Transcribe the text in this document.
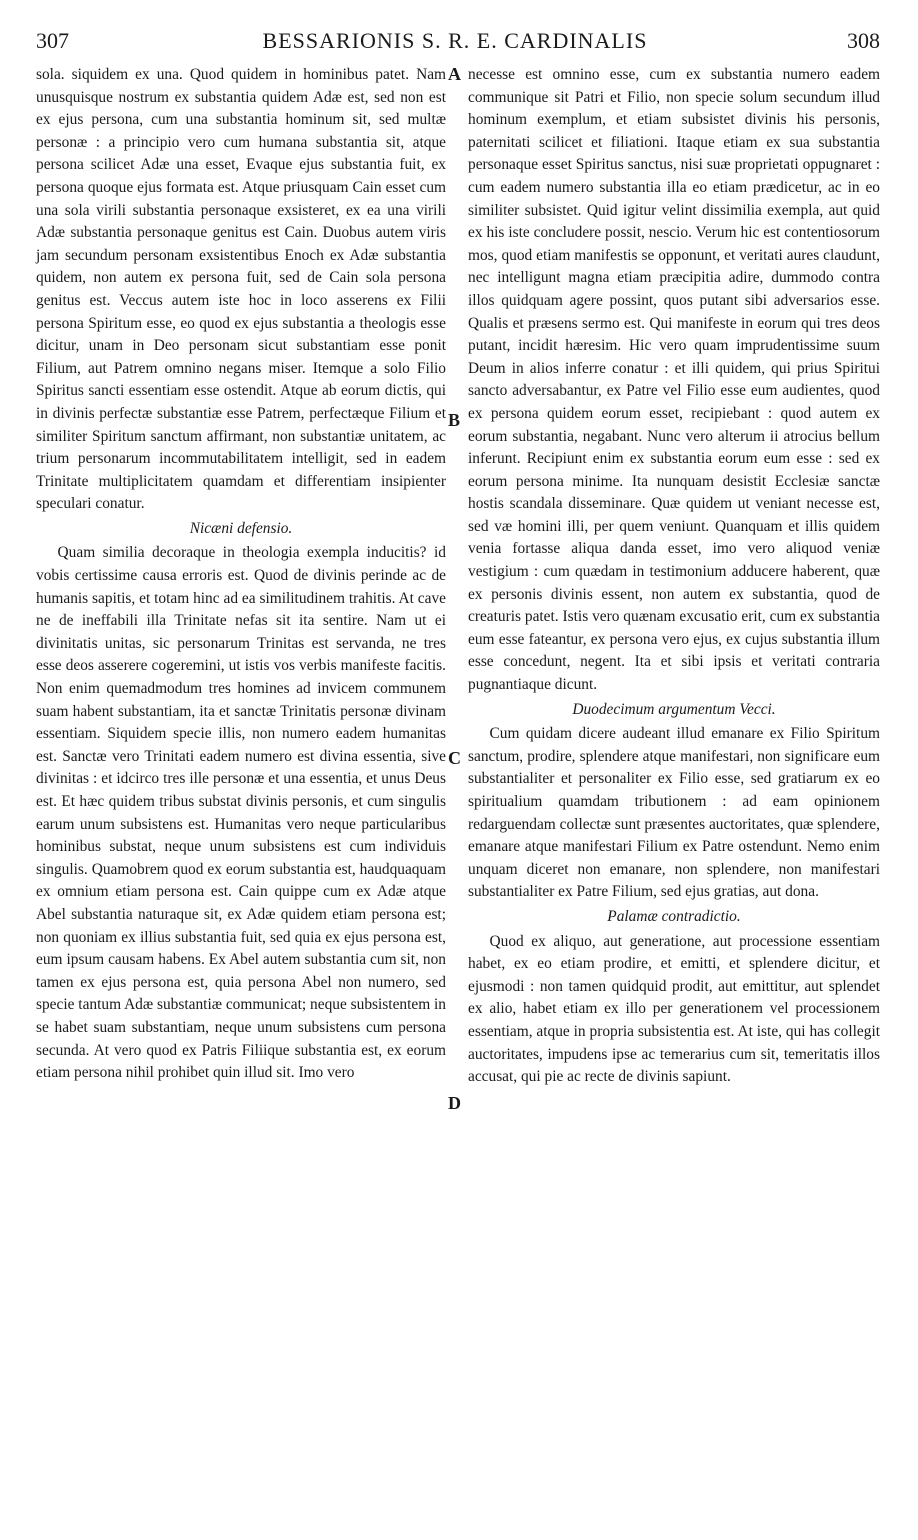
307	BESSARIONIS S. R. E. CARDINALIS	308
A
B
C
D

sola. siquidem ex una. Quod quidem in hominibus patet. Nam unusquisque nostrum ex substantia quidem Adæ est, sed non est ex ejus persona, cum una substantia hominum sit, sed multæ personæ : a principio vero cum humana substantia sit, atque persona scilicet Adæ una esset, Evaque ejus substantia fuit, ex persona quoque ejus formata est. Atque priusquam Cain esset cum una sola virili substantia personaque exsisteret, ex ea una virili Adæ substantia personaque genitus est Cain. Duobus autem viris jam secundum personam exsistentibus Enoch ex Adæ substantia quidem, non autem ex persona fuit, sed de Cain sola persona genitus est. Veccus autem iste hoc in loco asserens ex Filii persona Spiritum esse, eo quod ex ejus substantia a theologis esse dicitur, unam in Deo personam sicut substantiam esse ponit Filium, aut Patrem omnino negans miser. Itemque a solo Filio Spiritus sancti essentiam esse ostendit. Atque ab eorum dictis, qui in divinis perfectæ substantiæ esse Patrem, perfectæque Filium et similiter Spiritum sanctum affirmant, non substantiæ unitatem, ac trium personarum incommutabilitatem intelligit, sed in eadem Trinitate multiplicitatem quamdam et differentiam insipienter speculari conatur.

Nicæni defensio.

Quam similia decoraque in theologia exempla inducitis? id vobis certissime causa erroris est. Quod de divinis perinde ac de humanis sapitis, et totam hinc ad ea similitudinem trahitis. At cave ne de ineffabili illa Trinitate nefas sit ita sentire. Nam ut ei divinitatis unitas, sic personarum Trinitas est servanda, ne tres esse deos asserere cogeremini, ut istis vos verbis manifeste facitis. Non enim quemadmodum tres homines ad invicem communem suam habent substantiam, ita et sanctæ Trinitatis personæ divinam essentiam. Siquidem specie illis, non numero eadem humanitas est. Sanctæ vero Trinitati eadem numero est divina essentia, sive divinitas : et idcirco tres ille personæ et una essentia, et unus Deus est. Et hæc quidem tribus substat divinis personis, et cum singulis earum unum subsistens est. Humanitas vero neque particularibus hominibus substat, neque unum subsistens est cum individuis singulis. Quamobrem quod ex eorum substantia est, haudquaquam ex omnium etiam persona est. Cain quippe cum ex Adæ atque Abel substantia naturaque sit, ex Adæ quidem etiam persona est; non quoniam ex illius substantia fuit, sed quia ex ejus persona est, eum ipsum causam habens. Ex Abel autem substantia cum sit, non tamen ex ejus persona est, quia persona Abel non numero, sed specie tantum Adæ substantiæ communicat; neque subsistentem in se habet suam substantiam, neque unum subsistens cum persona secunda. At vero quod ex Patris Filiique substantia est, ex eorum etiam persona nihil prohibet quin illud sit. Imo vero

necesse est omnino esse, cum ex substantia numero eadem communique sit Patri et Filio, non specie solum secundum illud hominum exemplum, et etiam subsistet divinis his personis, paternitati scilicet et filiationi. Itaque etiam ex sua substantia personaque esset Spiritus sanctus, nisi suæ proprietati oppugnaret : cum eadem numero substantia illa eo etiam prædicetur, ac in eo similiter subsistet. Quid igitur velint dissimilia exempla, aut quid ex his iste concludere possit, nescio. Verum hic est contentiosorum mos, quod etiam manifestis se opponunt, et veritati aures claudunt, nec intelligunt magna etiam præcipitia adire, dummodo contra illos quidquam agere possint, quos putant sibi adversarios esse. Qualis et præsens sermo est. Qui manifeste in eorum qui tres deos putant, incidit hæresim. Hic vero quam imprudentissime suum Deum in alios inferre conatur : et illi quidem, qui prius Spiritui sancto adversabantur, ex Patre vel Filio esse eum audientes, quod ex persona quidem eorum esset, recipiebant : quod autem ex eorum substantia, negabant. Nunc vero alterum ii atrocius bellum inferunt. Recipiunt enim ex substantia eorum eum esse : sed ex eorum persona minime. Ita nunquam desistit Ecclesiæ sanctæ hostis scandala disseminare. Quæ quidem ut veniant necesse est, sed væ homini illi, per quem veniunt. Quanquam et illis quidem venia fortasse aliqua danda esset, imo vero aliquod veniæ vestigium : cum quædam in testimonium adducere haberent, quæ ex personis divinis essent, non autem ex substantia, quod de creaturis patet. Istis vero quænam excusatio erit, cum ex substantia eum esse fateantur, ex persona vero ejus, ex cujus substantia illum esse concedunt, negent. Ita et sibi ipsis et veritati contraria pugnantiaque dicunt.

Duodecimum argumentum Vecci.

Cum quidam dicere audeant illud emanare ex Filio Spiritum sanctum, prodire, splendere atque manifestari, non significare eum substantialiter et personaliter ex Filio esse, sed gratiarum ex eo spiritualium quamdam tributionem : ad eam opinionem redarguendam collectæ sunt præsentes auctoritates, quæ splendere, emanare atque manifestari Filium ex Patre ostendunt. Nemo enim unquam diceret non emanare, non splendere, non manifestari substantialiter ex Patre Filium, sed ejus gratias, aut dona.

Palamæ contradictio.

Quod ex aliquo, aut generatione, aut processione essentiam habet, ex eo etiam prodire, et emitti, et splendere dicitur, et ejusmodi : non tamen quidquid prodit, aut emittitur, aut splendet ex alio, habet etiam ex illo per generationem vel processionem essentiam, atque in propria subsistentia est. At iste, qui has collegit auctoritates, impudens ipse ac temerarius cum sit, temeritatis illos accusat, qui pie ac recte de divinis sapiunt.
